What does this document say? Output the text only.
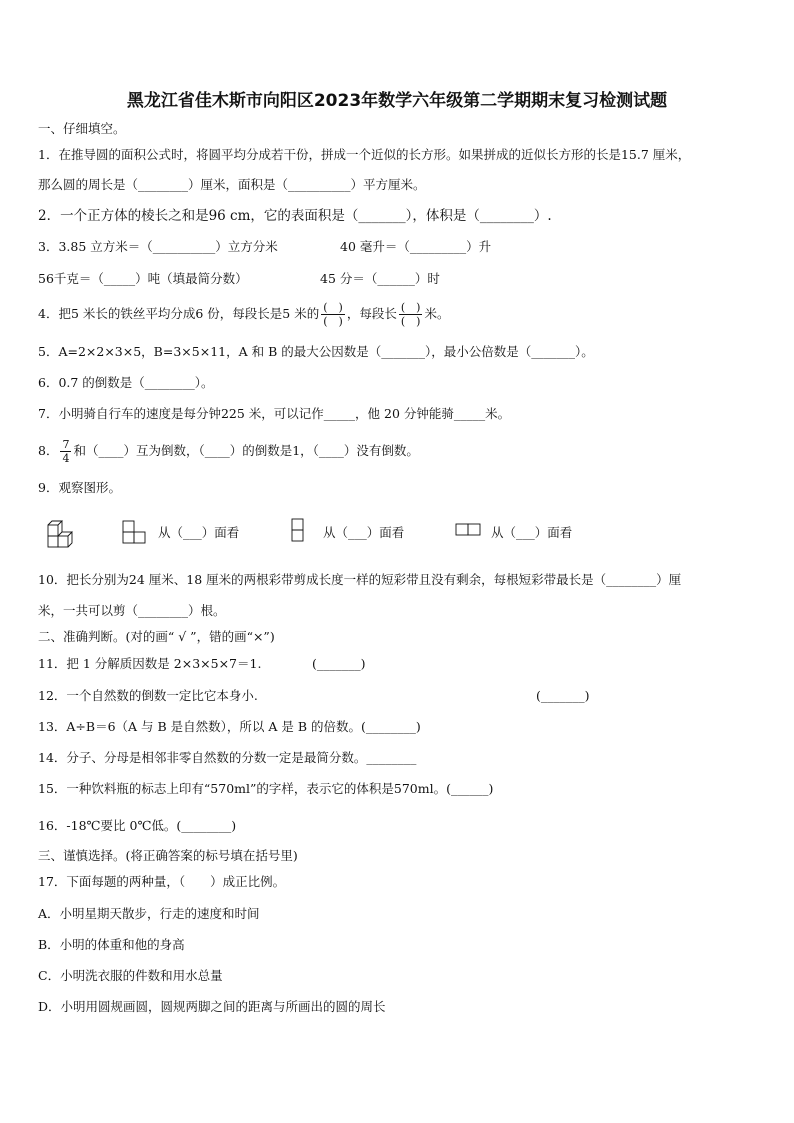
黑龙江省佳木斯市向阳区2023年数学六年级第二学期期末复习检测试题
一、仔细填空。
1．在推导圆的面积公式时，将圆平均分成若干份，拼成一个近似的长方形。如果拼成的近似长方形的长是15.7 厘米，
那么圆的周长是（________）厘米，面积是（__________）平方厘米。
2．一个正方体的棱长之和是96 cm，它的表面积是（_______），体积是（________）.
3．3.85 立方米＝（__________）立方分米	40 毫升＝（_________）升
56千克＝（_____）吨（填最简分数）	45 分＝（______）时
4．把5 米长的铁丝平均分成6 份，每段长是5 米的 $\frac{( )}{( )}$ ，每段长 $\frac{( )}{( )}$ 米。
5．A=2×2×3×5，B=3×5×11，A 和 B 的最大公因数是（_______），最小公倍数是（_______）。
6．0.7 的倒数是（________）。
7．小明骑自行车的速度是每分钟225 米，可以记作_____，他 20 分钟能骑_____米。
8． $\frac{7}{4}$ 和（____）互为倒数，（____）的倒数是1，（____）没有倒数。
9．观察图形。
从（___）面看	从（___）面看	从（___）面看
10．把长分别为24 厘米、18 厘米的两根彩带剪成长度一样的短彩带且没有剩余，每根短彩带最长是（________）厘
米，一共可以剪（________）根。
二、准确判断。(对的画“ √ ”，错的画“×”)
11．把 1 分解质因数是 2×3×5×7＝1.	(_______)
12．一个自然数的倒数一定比它本身小.	(_______)
13．A÷B＝6（A 与 B 是自然数），所以 A 是 B 的倍数。(________)
14．分子、分母是相邻非零自然数的分数一定是最简分数。________
15．一种饮料瓶的标志上印有“570ml”的字样，表示它的体积是570ml。(______)
16．-18℃要比 0℃低。(________)
三、谨慎选择。(将正确答案的标号填在括号里)
17．下面每题的两种量，（　　）成正比例。
A．小明星期天散步，行走的速度和时间
B．小明的体重和他的身高
C．小明洗衣服的件数和用水总量
D．小明用圆规画圆，圆规两脚之间的距离与所画出的圆的周长
